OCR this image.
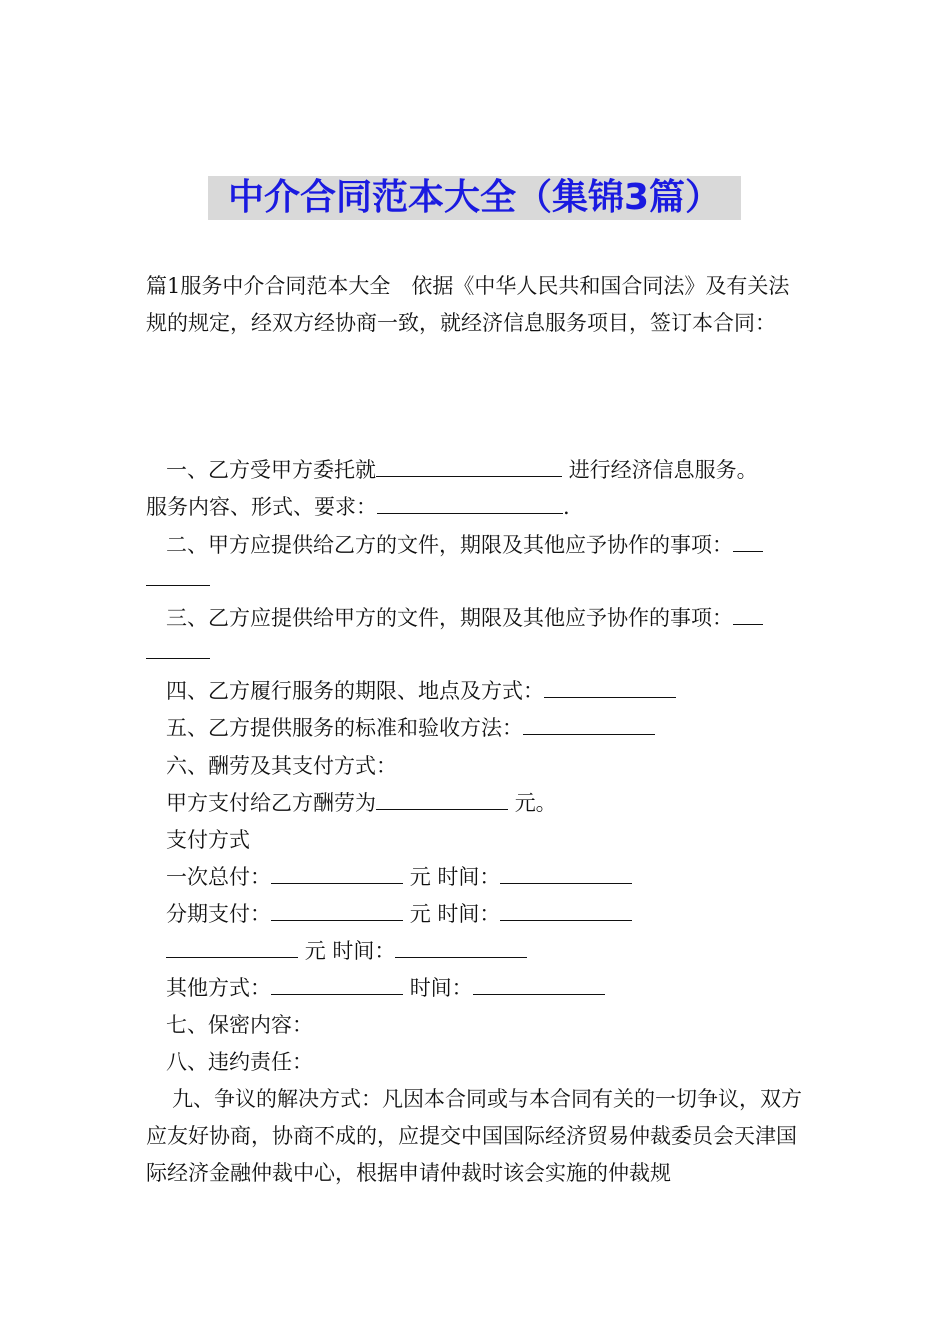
中介合同范本大全（集锦3篇）
篇1服务中介合同范本大全　依据《中华人民共和国合同法》及有关法规的规定，经双方经协商一致，就经济信息服务项目，签订本合同：
一、乙方受甲方委托就	进行经济信息服务。
服务内容、形式、要求：	.
二、甲方应提供给乙方的文件，期限及其他应予协作的事项：
三、乙方应提供给甲方的文件，期限及其他应予协作的事项：
四、乙方履行服务的期限、地点及方式：
五、乙方提供服务的标准和验收方法：
六、酬劳及其支付方式：
甲方支付给乙方酬劳为	元。
支付方式
一次总付：	元 时间：
分期支付：	元 时间：
元 时间：
其他方式：	时间：
七、保密内容：
八、违约责任：
九、争议的解决方式：凡因本合同或与本合同有关的一切争议，双方应友好协商，协商不成的，应提交中国国际经济贸易仲裁委员会天津国际经济金融仲裁中心，根据申请仲裁时该会实施的仲裁规
